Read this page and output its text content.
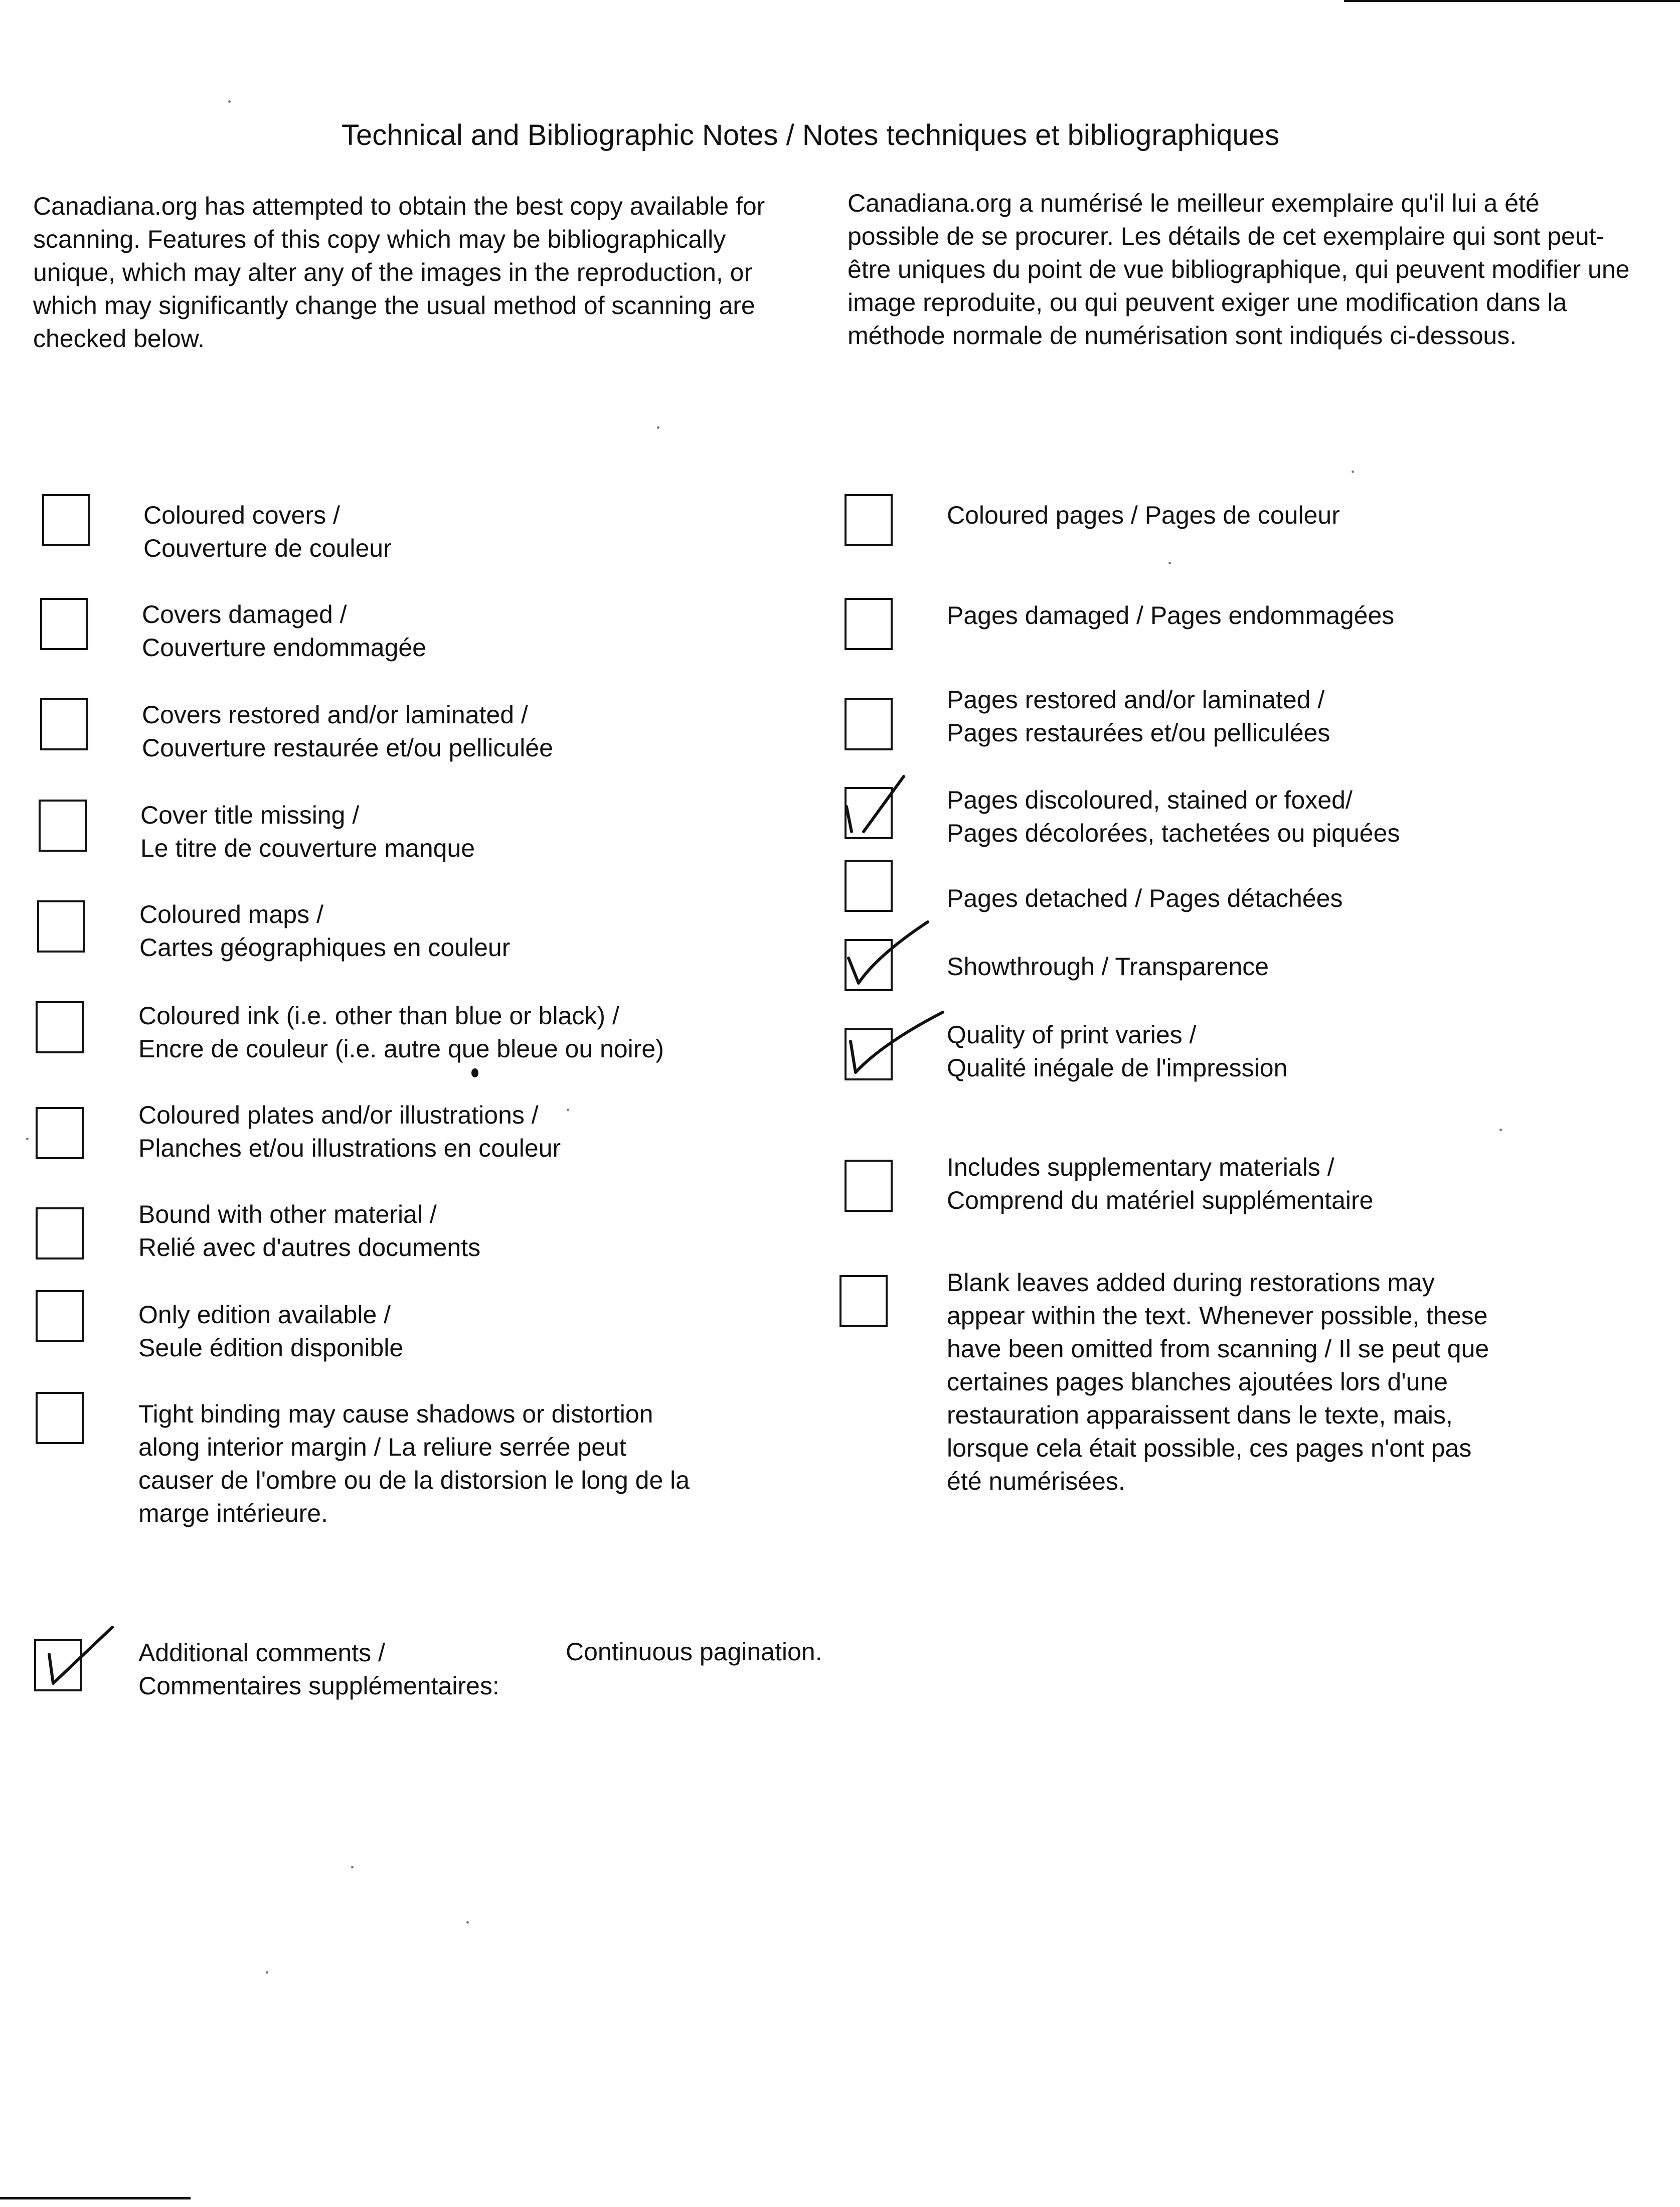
Technical and Bibliographic Notes / Notes techniques et bibliographiques
Canadiana.org has attempted to obtain the best copy available for scanning. Features of this copy which may be bibliographically unique, which may alter any of the images in the reproduction, or which may significantly change the usual method of scanning are checked below.
Canadiana.org a numérisé le meilleur exemplaire qu'il lui a été possible de se procurer. Les détails de cet exemplaire qui sont peut-être uniques du point de vue bibliographique, qui peuvent modifier une image reproduite, ou qui peuvent exiger une modification dans la méthode normale de numérisation sont indiqués ci-dessous.
Coloured covers /
Couverture de couleur
Covers damaged /
Couverture endommagée
Covers restored and/or laminated /
Couverture restaurée et/ou pelliculée
Cover title missing /
Le titre de couverture manque
Coloured maps /
Cartes géographiques en couleur
Coloured ink (i.e. other than blue or black) /
Encre de couleur (i.e. autre que bleue ou noire)
Coloured plates and/or illustrations /
Planches et/ou illustrations en couleur
Bound with other material /
Relié avec d'autres documents
Only edition available /
Seule édition disponible
Tight binding may cause shadows or distortion
along interior margin / La reliure serrée peut
causer de l'ombre ou de la distorsion le long de la
marge intérieure.
Coloured pages / Pages de couleur
Pages damaged / Pages endommagées
Pages restored and/or laminated /
Pages restaurées et/ou pelliculées
Pages discoloured, stained or foxed/
Pages décolorées, tachetées ou piquées
Pages detached / Pages détachées
Showthrough / Transparence
Quality of print varies /
Qualité inégale de l'impression
Includes supplementary materials /
Comprend du matériel supplémentaire
Blank leaves added during restorations may
appear within the text. Whenever possible, these
have been omitted from scanning / Il se peut que
certaines pages blanches ajoutées lors d'une
restauration apparaissent dans le texte, mais,
lorsque cela était possible, ces pages n'ont pas
été numérisées.
Additional comments /
Commentaires supplémentaires:
Continuous pagination.
